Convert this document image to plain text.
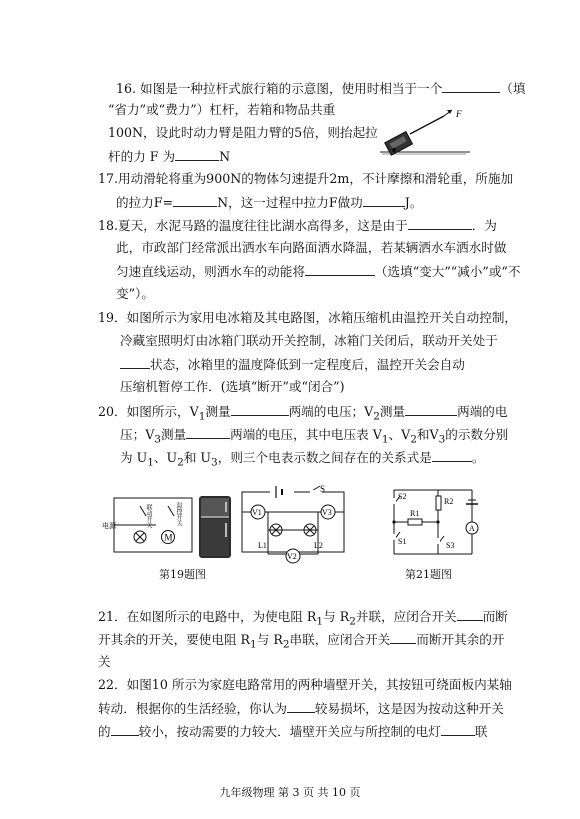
16. 如图是一种拉杆式旅行箱的示意图，使用时相当于一个	（填
“省力”或“费力”）杠杆，若箱和物品共重
100N，设此时动力臂是阻力臂的5倍，则抬起拉
杆的力 F 为	N
F
17.用动滑轮将重为900N的物体匀速提升2m，不计摩擦和滑轮重，所施加
的拉力F=	N，这一过程中拉力F做功	J。
18.夏天，水泥马路的温度往往比湖水高得多，这是由于	．为
此，市政部门经常派出洒水车向路面洒水降温，若某辆洒水车洒水时做
匀速直线运动，则洒水车的动能将	（选填“变大”“减小”或“不
变”）。
19．如图所示为家用电冰箱及其电路图，冰箱压缩机由温控开关自动控制，
冷藏室照明灯由冰箱门联动开关控制，冰箱门关闭后，联动开关处于
状态，冰箱里的温度降低到一定程度后，温控开关会自动
压缩机暂停工作．(选填“断开”或“闭合”)
20．如图所示，$V_1$测量	两端的电压；$V_2$测量	两端的电
压；$V_3$测量	两端的电压，其中电压表 $V_1$、$V_2$和$V_3$的示数分别
为 $U_1$、$U_2$和 $U_3$，则三个电表示数之间存在的关系式是	。
M
电源	联动开关	温控开关
第19题图
S
V1	V3
L1	L2
V2
R2
A
R1
S2
S1	S3
第21题图
21．在如图所示的电路中，为使电阻 $R_1$与 $R_2$并联，应闭合开关 而断
开其余的开关，要使电阻 $R_1$与 $R_2$串联，应闭合开关 而断开其余的开
关
22．如图10 所示为家庭电路常用的两种墙壁开关，其按钮可绕面板内某轴
转动．根据你的生活经验，你认为 较易损坏，这是因为按动这种开关
的 较小，按动需要的力较大．墙壁开关应与所控制的电灯	联
九年级物理 第 3 页 共 10 页
